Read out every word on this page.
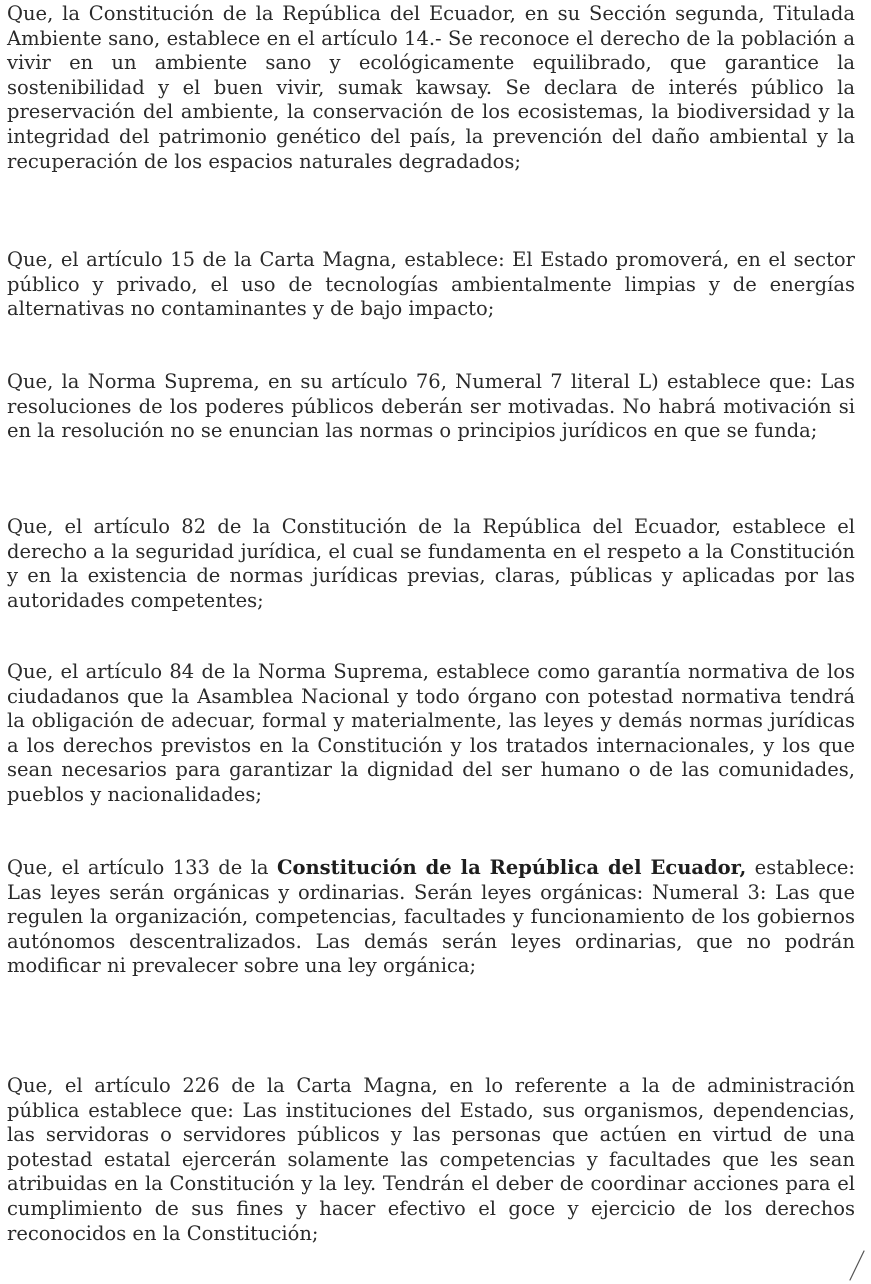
Que, la Constitución de la República del Ecuador, en su Sección segunda, Titulada Ambiente sano, establece en el artículo 14.- Se reconoce el derecho de la población a vivir en un ambiente sano y ecológicamente equilibrado, que garantice la sostenibilidad y el buen vivir, sumak kawsay. Se declara de interés público la preservación del ambiente, la conservación de los ecosistemas, la biodiversidad y la integridad del patrimonio genético del país, la prevención del daño ambiental y la recuperación de los espacios naturales degradados;

Que, el artículo 15 de la Carta Magna, establece: El Estado promoverá, en el sector público y privado, el uso de tecnologías ambientalmente limpias y de energías alternativas no contaminantes y de bajo impacto;

Que, la Norma Suprema, en su artículo 76, Numeral 7 literal L) establece que: Las resoluciones de los poderes públicos deberán ser motivadas. No habrá motivación si en la resolución no se enuncian las normas o principios jurídicos en que se funda;

Que, el artículo 82 de la Constitución de la República del Ecuador, establece el derecho a la seguridad jurídica, el cual se fundamenta en el respeto a la Constitución y en la existencia de normas jurídicas previas, claras, públicas y aplicadas por las autoridades competentes;

Que, el artículo 84 de la Norma Suprema, establece como garantía normativa de los ciudadanos que la Asamblea Nacional y todo órgano con potestad normativa tendrá la obligación de adecuar, formal y materialmente, las leyes y demás normas jurídicas a los derechos previstos en la Constitución y los tratados internacionales, y los que sean necesarios para garantizar la dignidad del ser humano o de las comunidades, pueblos y nacionalidades;

Que, el artículo 133 de la Constitución de la República del Ecuador, establece: Las leyes serán orgánicas y ordinarias. Serán leyes orgánicas: Numeral 3: Las que regulen la organización, competencias, facultades y funcionamiento de los gobiernos autónomos descentralizados. Las demás serán leyes ordinarias, que no podrán modificar ni prevalecer sobre una ley orgánica;

Que, el artículo 226 de la Carta Magna, en lo referente a la de administración pública establece que: Las instituciones del Estado, sus organismos, dependencias, las servidoras o servidores públicos y las personas que actúen en virtud de una potestad estatal ejercerán solamente las competencias y facultades que les sean atribuidas en la Constitución y la ley. Tendrán el deber de coordinar acciones para el cumplimiento de sus fines y hacer efectivo el goce y ejercicio de los derechos reconocidos en la Constitución;
